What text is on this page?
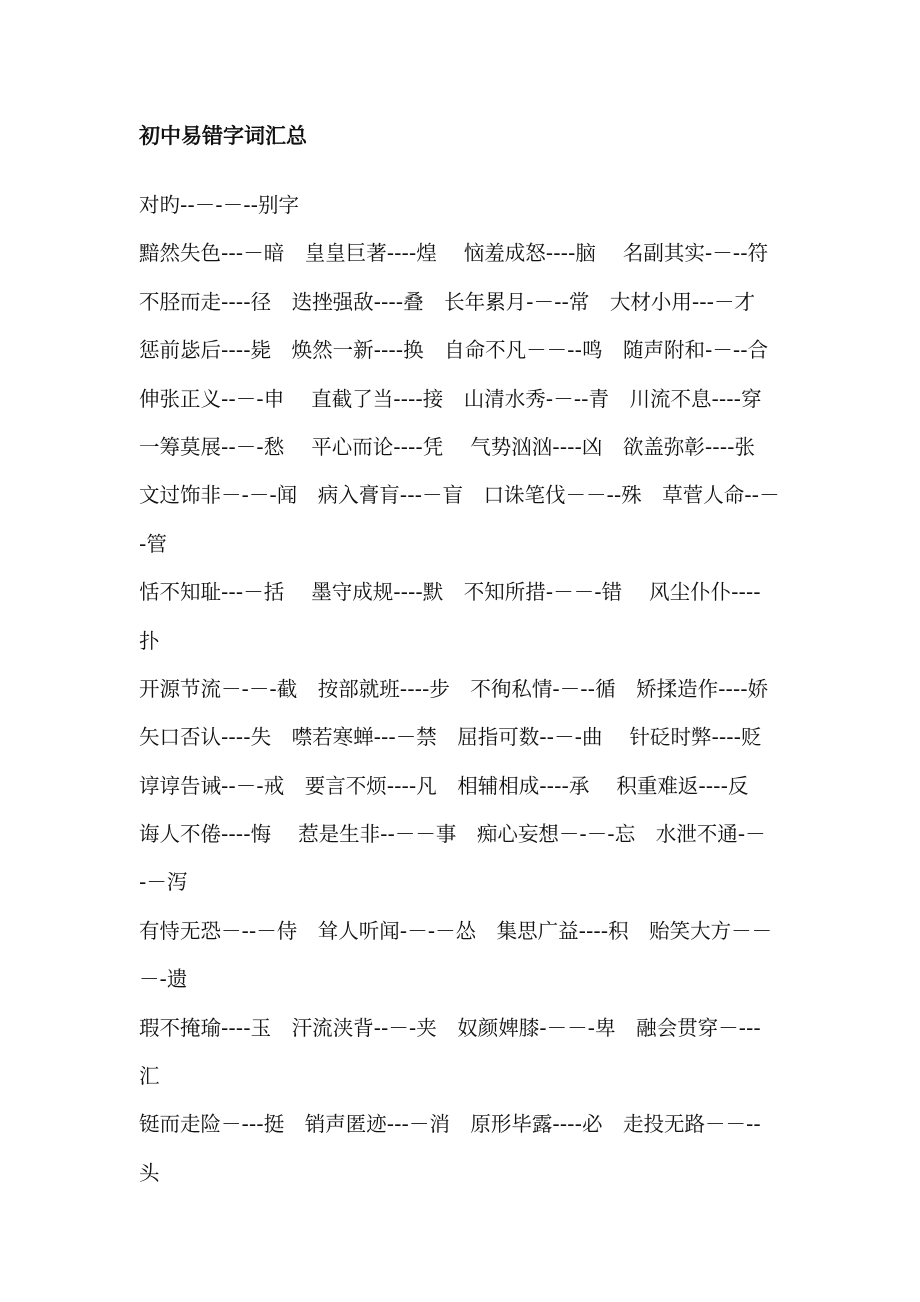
初中易错字词汇总
对旳--－-－--别字
黯然失色---－暗　皇皇巨著----煌　 恼羞成怒----脑　 名副其实-－--符
不胫而走----径　迭挫强敌----叠　长年累月-－--常　大材小用---－才
惩前毖后----毙　焕然一新----换　自命不凡－－--鸣　随声附和-－--合
伸张正义--－-申　 直截了当----接　山清水秀-－--青　川流不息----穿
一筹莫展--－-愁　 平心而论----凭　 气势汹汹----凶　欲盖弥彰----张
文过饰非－-－-闻　病入膏肓---－盲　口诛笔伐－－--殊　草菅人命--－
-管
恬不知耻---－括　 墨守成规----默　不知所措-－－-错　 风尘仆仆----
扑
开源节流－-－-截　按部就班----步　不徇私情-－--循　矫揉造作----娇
矢口否认----失　噤若寒蝉---－禁　屈指可数--－-曲　 针砭时弊----贬
谆谆告诫--－-戒　要言不烦----凡　相辅相成----承　 积重难返----反
诲人不倦----悔　 惹是生非--－－事　痴心妄想－-－-忘　水泄不通-－
-－泻
有恃无恐－--－侍　耸人听闻-－-－怂　集思广益----积　贻笑大方－－
－-遗
瑕不掩瑜----玉　汗流浃背--－-夹　奴颜婢膝-－－-卑　融会贯穿－---
汇
铤而走险－---挺　销声匿迹---－消　原形毕露----必　走投无路－－--
头
